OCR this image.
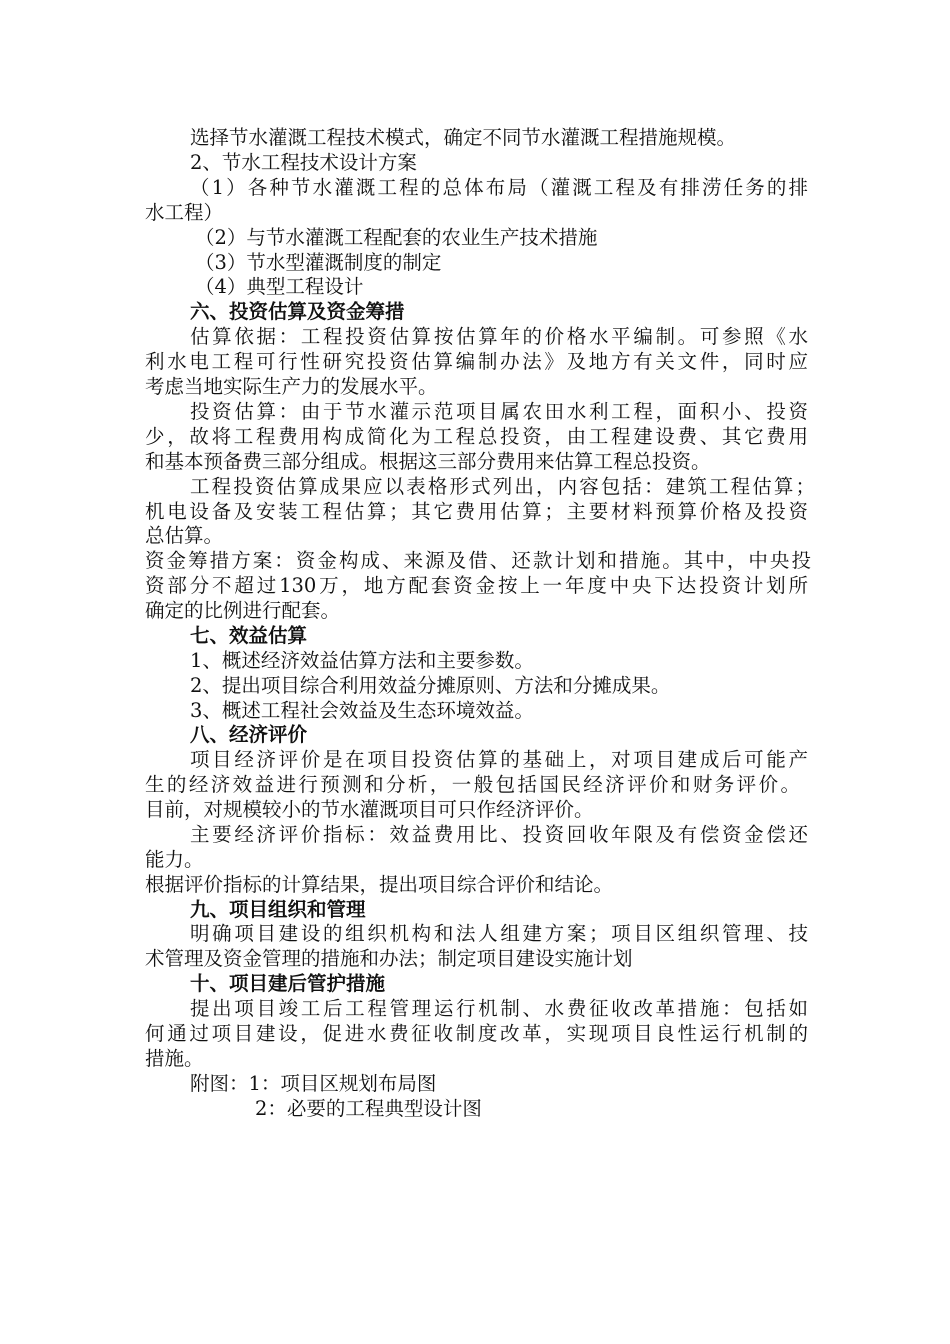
选择节水灌溉工程技术模式，确定不同节水灌溉工程措施规模。
2、节水工程技术设计方案
（1）各种节水灌溉工程的总体布局（灌溉工程及有排涝任务的排
水工程）
（2）与节水灌溉工程配套的农业生产技术措施
（3）节水型灌溉制度的制定
（4）典型工程设计
六、投资估算及资金筹措
估算依据：工程投资估算按估算年的价格水平编制。可参照《水
利水电工程可行性研究投资估算编制办法》及地方有关文件，同时应
考虑当地实际生产力的发展水平。
投资估算：由于节水灌示范项目属农田水利工程，面积小、投资
少，故将工程费用构成简化为工程总投资，由工程建设费、其它费用
和基本预备费三部分组成。根据这三部分费用来估算工程总投资。
工程投资估算成果应以表格形式列出，内容包括：建筑工程估算；
机电设备及安装工程估算；其它费用估算；主要材料预算价格及投资
总估算。
资金筹措方案：资金构成、来源及借、还款计划和措施。其中，中央投
资部分不超过130万，地方配套资金按上一年度中央下达投资计划所
确定的比例进行配套。
七、效益估算
1、概述经济效益估算方法和主要参数。
2、提出项目综合利用效益分摊原则、方法和分摊成果。
3、概述工程社会效益及生态环境效益。
八、经济评价
项目经济评价是在项目投资估算的基础上，对项目建成后可能产
生的经济效益进行预测和分析，一般包括国民经济评价和财务评价。
目前，对规模较小的节水灌溉项目可只作经济评价。
主要经济评价指标：效益费用比、投资回收年限及有偿资金偿还
能力。
根据评价指标的计算结果，提出项目综合评价和结论。
九、项目组织和管理
明确项目建设的组织机构和法人组建方案；项目区组织管理、技
术管理及资金管理的措施和办法；制定项目建设实施计划
十、项目建后管护措施
提出项目竣工后工程管理运行机制、水费征收改革措施：包括如
何通过项目建设，促进水费征收制度改革，实现项目良性运行机制的
措施。
附图：1：项目区规划布局图
2：必要的工程典型设计图
